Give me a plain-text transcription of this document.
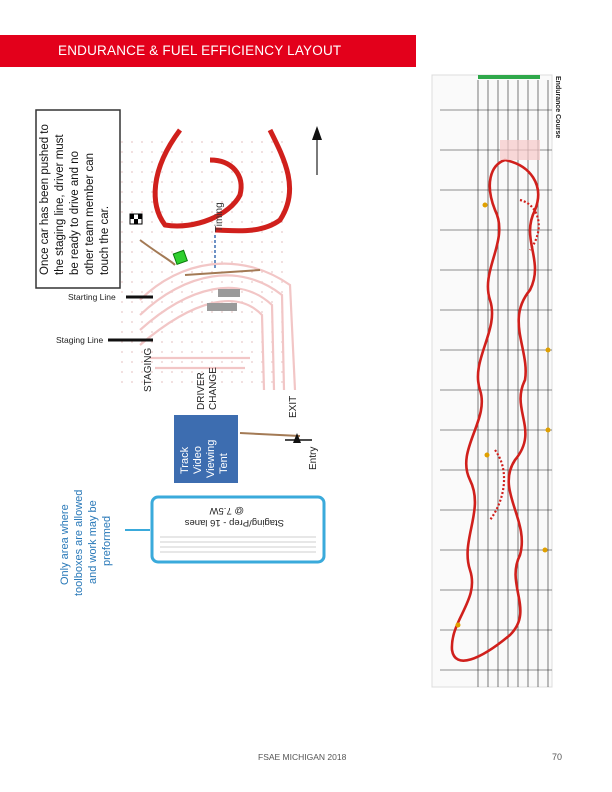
ENDURANCE & FUEL EFFICIENCY LAYOUT
Once car has been pushed to the staging line, driver must be ready to drive and no other team member can touch the car.	Timing
Starting Line
Staging Line
STAGING	DRIVER CHANGE	EXIT
Entry
Track Video Viewing Tent
Staging/Prep - 16 lanes
@ 7.5W
Only area where toolboxes are allowed and work may be preformed
Endurance Course
FSAE MICHIGAN 2018	70
